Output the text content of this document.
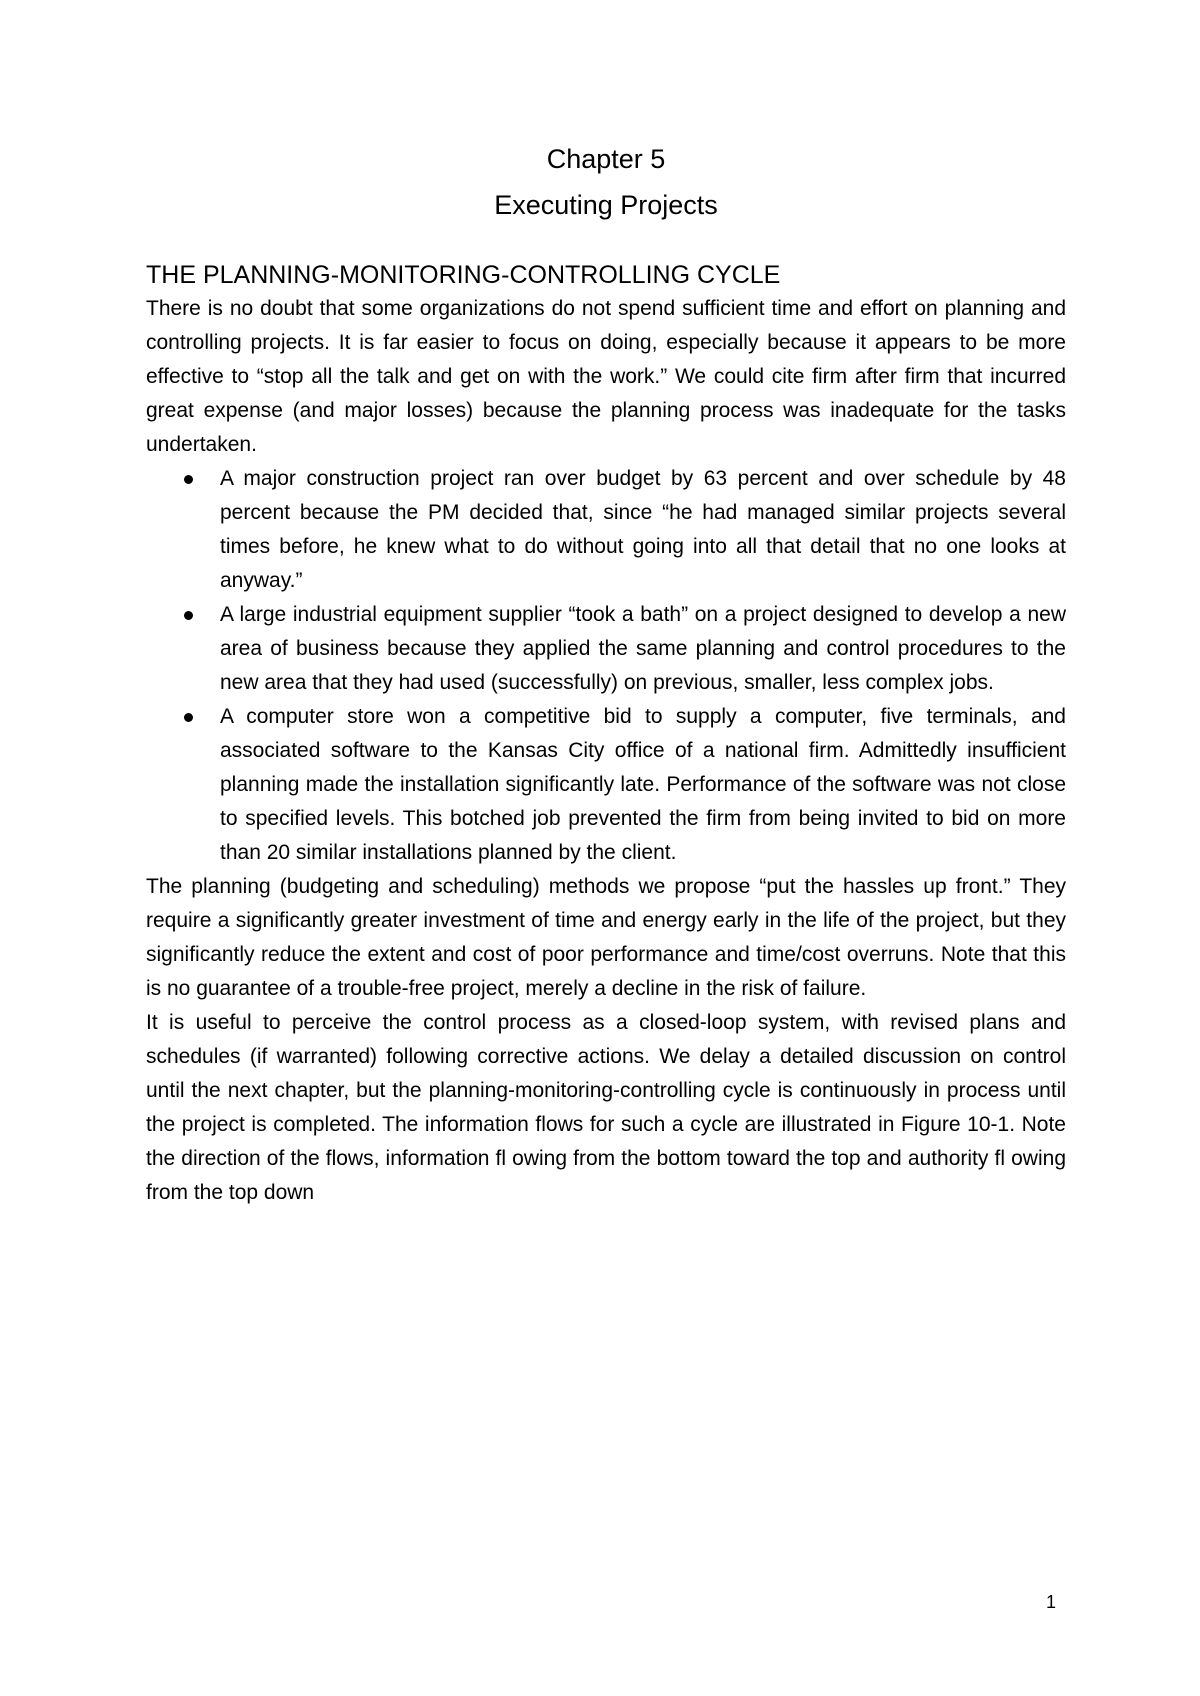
Chapter 5
Executing Projects
THE PLANNING-MONITORING-CONTROLLING CYCLE

There is no doubt that some organizations do not spend sufficient time and effort on planning and controlling projects. It is far easier to focus on doing, especially because it appears to be more effective to “stop all the talk and get on with the work.” We could cite firm after firm that incurred great expense (and major losses) because the planning process was inadequate for the tasks undertaken.

A major construction project ran over budget by 63 percent and over schedule by 48 percent because the PM decided that, since “he had managed similar projects several times before, he knew what to do without going into all that detail that no one looks at anyway.”
A large industrial equipment supplier “took a bath” on a project designed to develop a new area of business because they applied the same planning and control procedures to the new area that they had used (successfully) on previous, smaller, less complex jobs.
A computer store won a competitive bid to supply a computer, five terminals, and associated software to the Kansas City office of a national firm. Admittedly insufficient planning made the installation significantly late. Performance of the software was not close to specified levels. This botched job prevented the firm from being invited to bid on more than 20 similar installations planned by the client.

The planning (budgeting and scheduling) methods we propose “put the hassles up front.” They require a significantly greater investment of time and energy early in the life of the project, but they significantly reduce the extent and cost of poor performance and time/cost overruns. Note that this is no guarantee of a trouble-free project, merely a decline in the risk of failure.

It is useful to perceive the control process as a closed-loop system, with revised plans and schedules (if warranted) following corrective actions. We delay a detailed discussion on control until the next chapter, but the planning-monitoring-controlling cycle is continuously in process until the project is completed. The information flows for such a cycle are illustrated in Figure 10-1. Note the direction of the flows, information fl owing from the bottom toward the top and authority fl owing from the top down

1
